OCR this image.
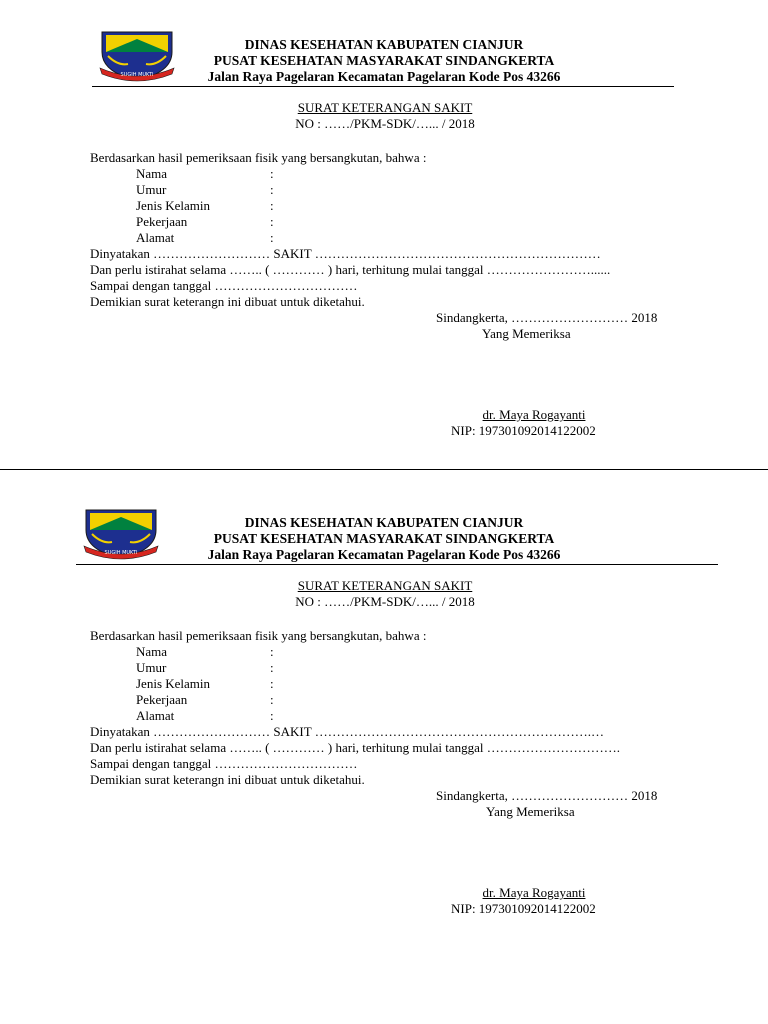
SUGIH MUKTI
DINAS KESEHATAN KABUPATEN CIANJUR
PUSAT KESEHATAN MASYARAKAT SINDANGKERTA
Jalan Raya Pagelaran Kecamatan Pagelaran Kode Pos 43266
SURAT KETERANGAN SAKIT
NO : ……/PKM-SDK/…... / 2018
Berdasarkan hasil pemeriksaan fisik yang bersangkutan, bahwa :
Nama	:
Umur	:
Jenis Kelamin	:
Pekerjaan	:
Alamat	:
Dinyatakan ……………………… SAKIT …………………………………………………………
Dan perlu istirahat selama …….. ( ………… ) hari, terhitung mulai tanggal ……………………......
Sampai dengan tanggal ……………………………
Demikian surat keterangn ini dibuat untuk diketahui.
Sindangkerta, ……………………… 2018
Yang Memeriksa
dr. Maya Rogayanti
NIP: 197301092014122002
SUGIH MUKTI
DINAS KESEHATAN KABUPATEN CIANJUR
PUSAT KESEHATAN MASYARAKAT SINDANGKERTA
Jalan Raya Pagelaran Kecamatan Pagelaran Kode Pos 43266
SURAT KETERANGAN SAKIT
NO : ……/PKM-SDK/…... / 2018
Berdasarkan hasil pemeriksaan fisik yang bersangkutan, bahwa :
Nama	:
Umur	:
Jenis Kelamin	:
Pekerjaan	:
Alamat	:
Dinyatakan ……………………… SAKIT ……………………………………………………….…
Dan perlu istirahat selama …….. ( ………… ) hari, terhitung mulai tanggal ………………………….
Sampai dengan tanggal ……………………………
Demikian surat keterangn ini dibuat untuk diketahui.
Sindangkerta, ……………………… 2018
Yang Memeriksa
dr. Maya Rogayanti
NIP: 197301092014122002
